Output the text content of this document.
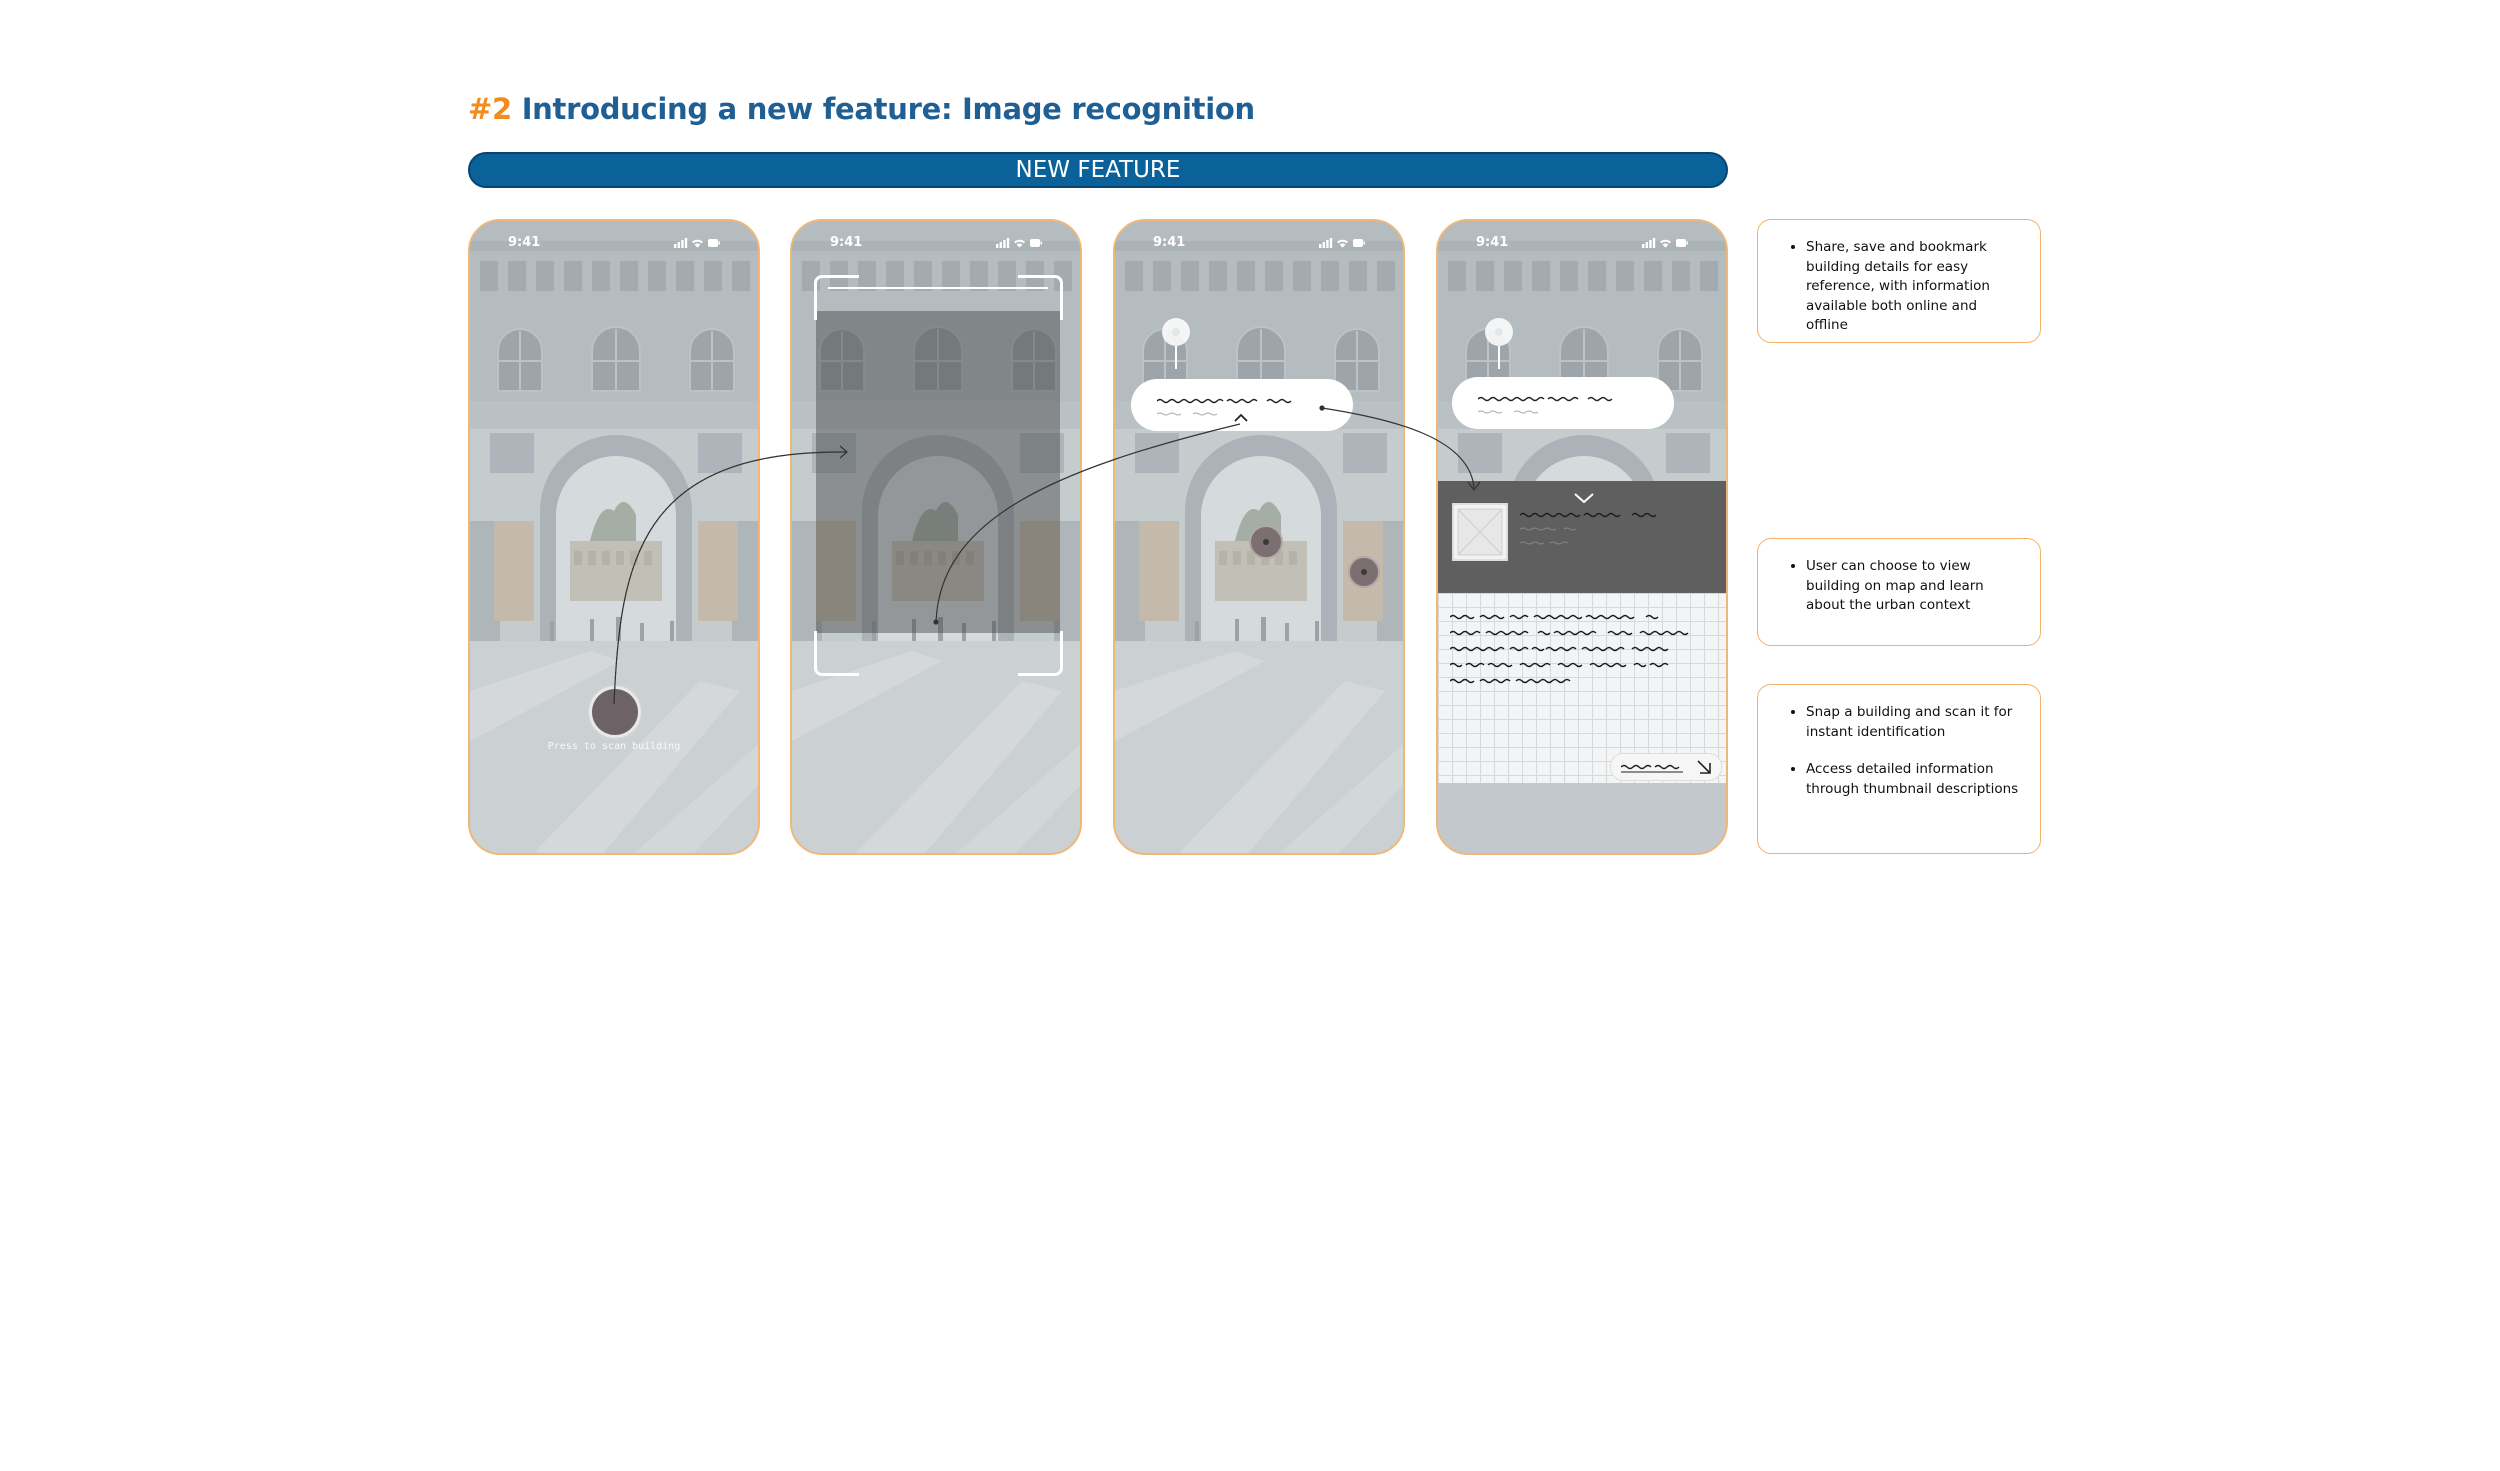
#2 Introducing a new feature: Image recognition
NEW FEATURE
9:41
Press to scan building
9:41	9:41	9:41
•	Share, save and bookmark building details for easy reference, with information available both online and offline
• User can choose to view building on map and learn about the urban context
• Snap a building and scan it for instant identification
• Access detailed information through thumbnail descriptions
